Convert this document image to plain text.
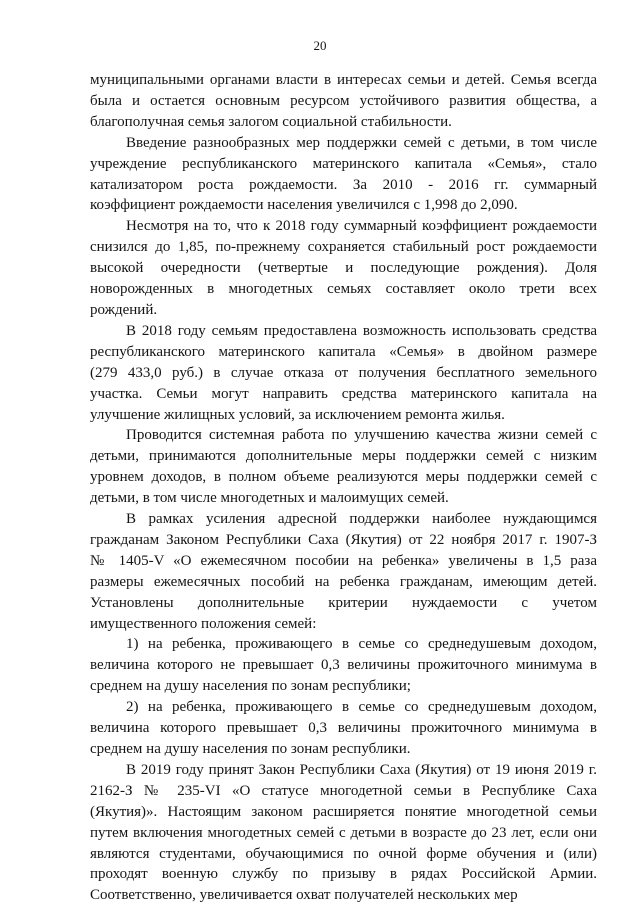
20
муниципальными органами власти в интересах семьи и детей. Семья всегда
была и остается основным ресурсом устойчивого развития общества, а
благополучная семья залогом социальной стабильности.
Введение разнообразных мер поддержки семей с детьми, в том числе
учреждение республиканского материнского капитала «Семья», стало
катализатором роста рождаемости. За 2010 - 2016 гг. суммарный
коэффициент рождаемости населения увеличился с 1,998 до 2,090.
Несмотря на то, что к 2018 году суммарный коэффициент рождаемости
снизился до 1,85, по-прежнему сохраняется стабильный рост рождаемости
высокой очередности (четвертые и последующие рождения). Доля
новорожденных в многодетных семьях составляет около трети всех
рождений.
В 2018 году семьям предоставлена возможность использовать средства
республиканского материнского капитала «Семья» в двойном размере
(279 433,0 руб.) в случае отказа от получения бесплатного земельного
участка. Семьи могут направить средства материнского капитала на
улучшение жилищных условий, за исключением ремонта жилья.
Проводится системная работа по улучшению качества жизни семей с
детьми, принимаются дополнительные меры поддержки семей с низким
уровнем доходов, в полном объеме реализуются меры поддержки семей с
детьми, в том числе многодетных и малоимущих семей.
В рамках усиления адресной поддержки наиболее нуждающимся
гражданам Законом Республики Саха (Якутия) от 22 ноября 2017 г. 1907-З
№ 1405-V «О ежемесячном пособии на ребенка» увеличены в 1,5 раза
размеры ежемесячных пособий на ребенка гражданам, имеющим детей.
Установлены дополнительные критерии нуждаемости с учетом
имущественного положения семей:
1) на ребенка, проживающего в семье со среднедушевым доходом,
величина которого не превышает 0,3 величины прожиточного минимума в
среднем на душу населения по зонам республики;
2) на ребенка, проживающего в семье со среднедушевым доходом,
величина которого превышает 0,3 величины прожиточного минимума в
среднем на душу населения по зонам республики.
В 2019 году принят Закон Республики Саха (Якутия) от 19 июня 2019 г.
2162-З № 235-VI «О статусе многодетной семьи в Республике Саха
(Якутия)». Настоящим законом расширяется понятие многодетной семьи
путем включения многодетных семей с детьми в возрасте до 23 лет, если они
являются студентами, обучающимися по очной форме обучения и (или)
проходят военную службу по призыву в рядах Российской Армии.
Соответственно, увеличивается охват получателей нескольких мер
